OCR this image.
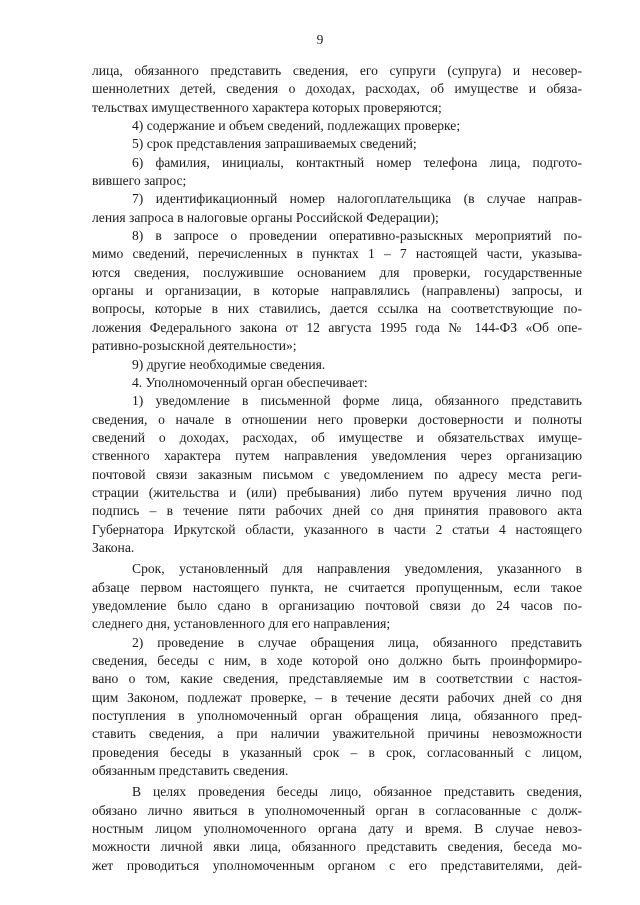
9

лица, обязанного представить сведения, его супруги (супруга) и несовер-

шеннолетних детей, сведения о доходах, расходах, об имуществе и обяза-

тельствах имущественного характера которых проверяются;

4) содержание и объем сведений, подлежащих проверке;

5) срок представления запрашиваемых сведений;

6) фамилия, инициалы, контактный номер телефона лица, подгото-

вившего запрос;

7) идентификационный номер налогоплательщика (в случае направ-

ления запроса в налоговые органы Российской Федерации);

8) в запросе о проведении оперативно-разыскных мероприятий по-

мимо сведений, перечисленных в пунктах 1 – 7 настоящей части, указыва-

ются сведения, послужившие основанием для проверки, государственные

органы и организации, в которые направлялись (направлены) запросы, и

вопросы, которые в них ставились, дается ссылка на соответствующие по-

ложения Федерального закона от 12 августа 1995 года № 144-ФЗ «Об опе-

ративно-розыскной деятельности»;

9) другие необходимые сведения.

4. Уполномоченный орган обеспечивает:

1) уведомление в письменной форме лица, обязанного представить

сведения, о начале в отношении него проверки достоверности и полноты

сведений о доходах, расходах, об имуществе и обязательствах имуще-

ственного характера путем направления уведомления через организацию

почтовой связи заказным письмом с уведомлением по адресу места реги-

страции (жительства и (или) пребывания) либо путем вручения лично под

подпись – в течение пяти рабочих дней со дня принятия правового акта

Губернатора Иркутской области, указанного в части 2 статьи 4 настоящего

Закона.

Срок, установленный для направления уведомления, указанного в

абзаце первом настоящего пункта, не считается пропущенным, если такое

уведомление было сдано в организацию почтовой связи до 24 часов по-

следнего дня, установленного для его направления;

2) проведение в случае обращения лица, обязанного представить

сведения, беседы с ним, в ходе которой оно должно быть проинформиро-

вано о том, какие сведения, представляемые им в соответствии с настоя-

щим Законом, подлежат проверке, – в течение десяти рабочих дней со дня

поступления в уполномоченный орган обращения лица, обязанного пред-

ставить сведения, а при наличии уважительной причины невозможности

проведения беседы в указанный срок – в срок, согласованный с лицом,

обязанным представить сведения.

В целях проведения беседы лицо, обязанное представить сведения,

обязано лично явиться в уполномоченный орган в согласованные с долж-

ностным лицом уполномоченного органа дату и время. В случае невоз-

можности личной явки лица, обязанного представить сведения, беседа мо-

жет проводиться уполномоченным органом с его представителями, дей-
